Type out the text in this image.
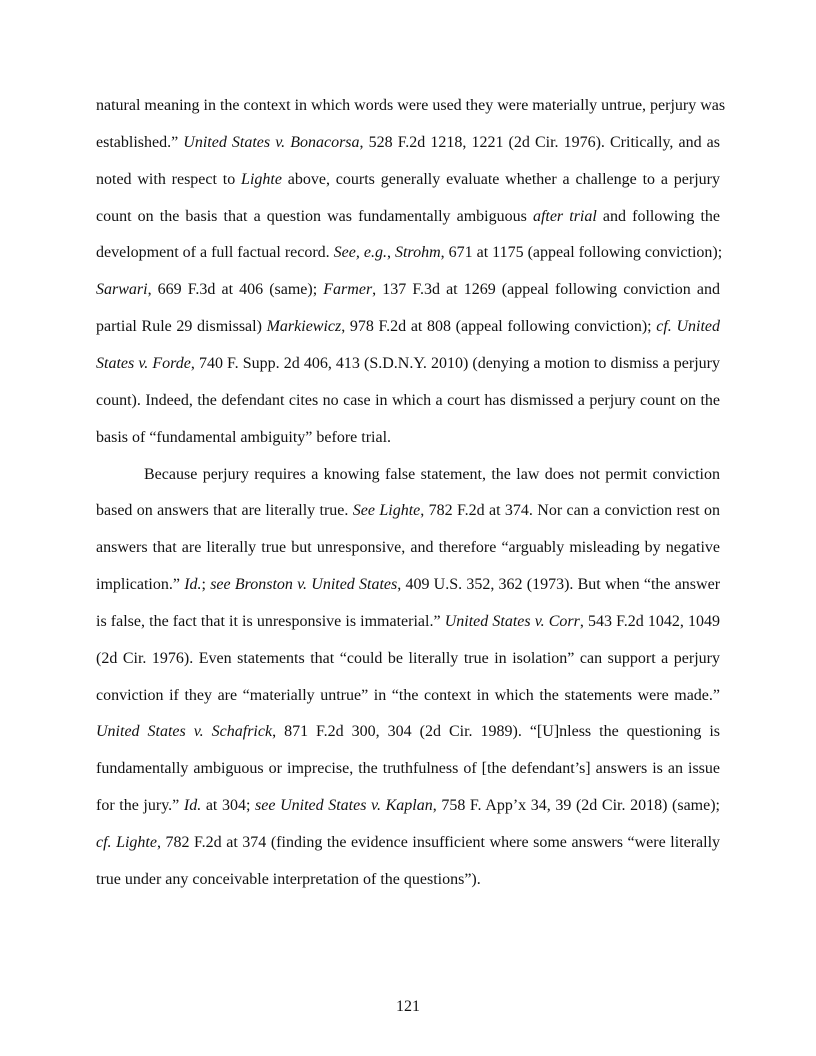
natural meaning in the context in which words were used they were materially untrue, perjury was
established.” United States v. Bonacorsa, 528 F.2d 1218, 1221 (2d Cir. 1976). Critically, and as
noted with respect to Lighte above, courts generally evaluate whether a challenge to a perjury
count on the basis that a question was fundamentally ambiguous after trial and following the
development of a full factual record. See, e.g., Strohm, 671 at 1175 (appeal following conviction);
Sarwari, 669 F.3d at 406 (same); Farmer, 137 F.3d at 1269 (appeal following conviction and
partial Rule 29 dismissal) Markiewicz, 978 F.2d at 808 (appeal following conviction); cf. United
States v. Forde, 740 F. Supp. 2d 406, 413 (S.D.N.Y. 2010) (denying a motion to dismiss a perjury
count). Indeed, the defendant cites no case in which a court has dismissed a perjury count on the
basis of “fundamental ambiguity” before trial.
Because perjury requires a knowing false statement, the law does not permit conviction
based on answers that are literally true. See Lighte, 782 F.2d at 374. Nor can a conviction rest on
answers that are literally true but unresponsive, and therefore “arguably misleading by negative
implication.” Id.; see Bronston v. United States, 409 U.S. 352, 362 (1973). But when “the answer
is false, the fact that it is unresponsive is immaterial.” United States v. Corr, 543 F.2d 1042, 1049
(2d Cir. 1976). Even statements that “could be literally true in isolation” can support a perjury
conviction if they are “materially untrue” in “the context in which the statements were made.”
United States v. Schafrick, 871 F.2d 300, 304 (2d Cir. 1989). “[U]nless the questioning is
fundamentally ambiguous or imprecise, the truthfulness of [the defendant’s] answers is an issue
for the jury.” Id. at 304; see United States v. Kaplan, 758 F. App’x 34, 39 (2d Cir. 2018) (same);
cf. Lighte, 782 F.2d at 374 (finding the evidence insufficient where some answers “were literally
true under any conceivable interpretation of the questions”).
121
